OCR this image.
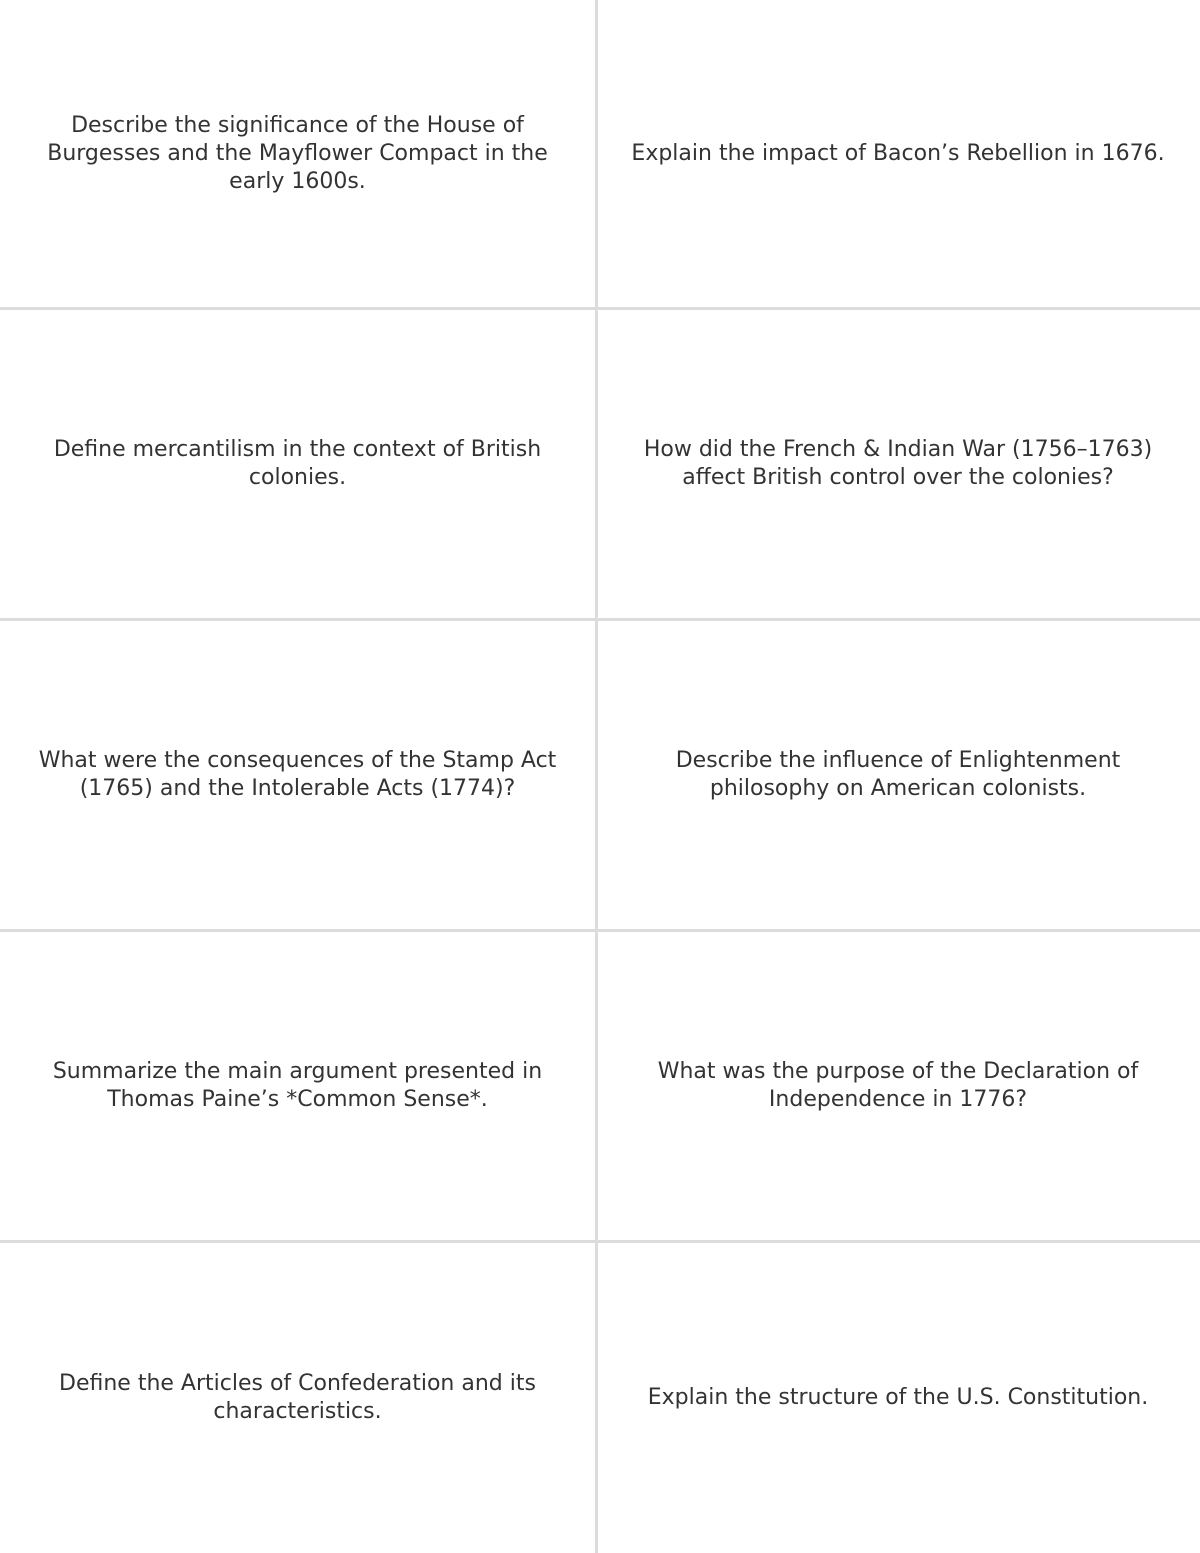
Describe the significance of the House of Burgesses and the Mayflower Compact in the early 1600s.
Explain the impact of Bacon’s Rebellion in 1676.
Define mercantilism in the context of British colonies.
How did the French & Indian War (1756–1763) affect British control over the colonies?
What were the consequences of the Stamp Act (1765) and the Intolerable Acts (1774)?
Describe the influence of Enlightenment philosophy on American colonists.
Summarize the main argument presented in Thomas Paine’s *Common Sense*.
What was the purpose of the Declaration of Independence in 1776?
Define the Articles of Confederation and its characteristics.
Explain the structure of the U.S. Constitution.
